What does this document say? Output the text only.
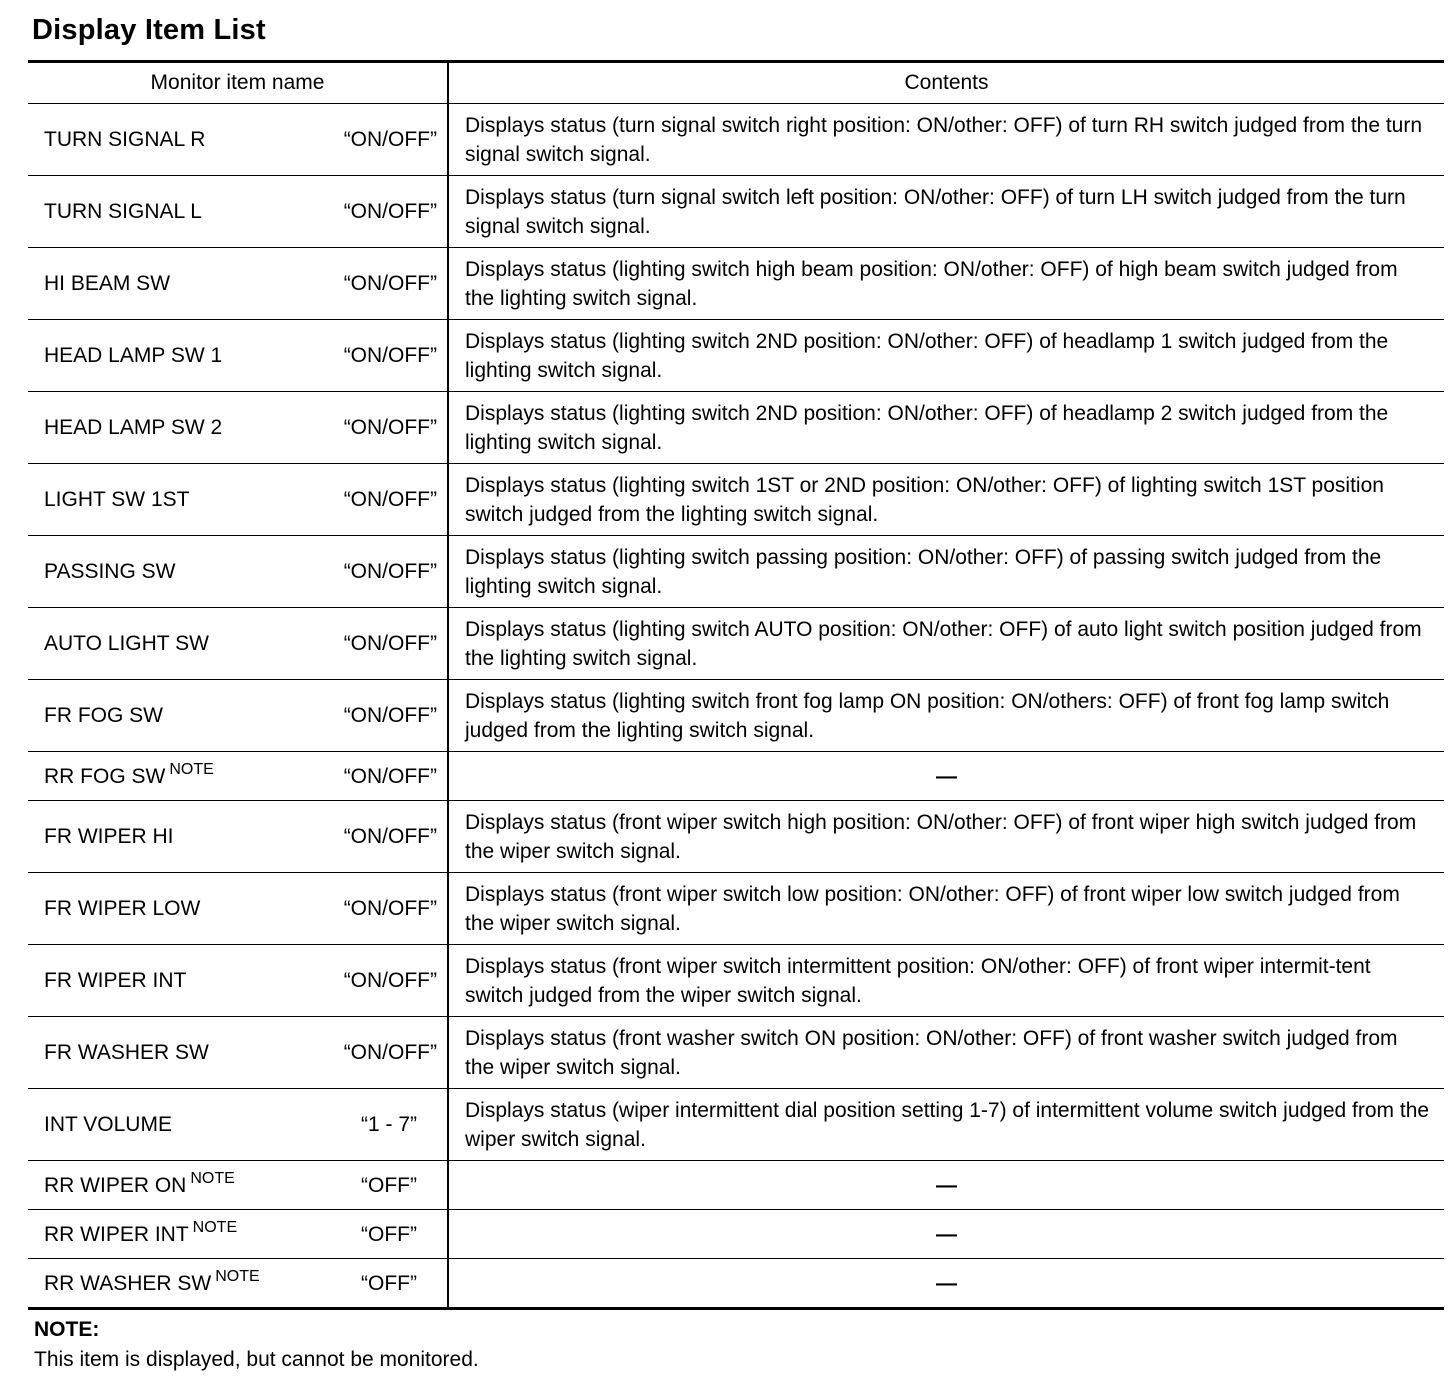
Display Item List
Monitor item name	Contents

TURN SIGNAL R “ON/OFF”	Displays status (turn signal switch right position: ON/other: OFF) of turn RH switch judged from the turn signal switch signal.

TURN SIGNAL L “ON/OFF”	Displays status (turn signal switch left position: ON/other: OFF) of turn LH switch judged from the turn signal switch signal.

HI BEAM SW “ON/OFF”	Displays status (lighting switch high beam position: ON/other: OFF) of high beam switch judged from the lighting switch signal.

HEAD LAMP SW 1 “ON/OFF”	Displays status (lighting switch 2ND position: ON/other: OFF) of headlamp 1 switch judged from the lighting switch signal.

HEAD LAMP SW 2 “ON/OFF”	Displays status (lighting switch 2ND position: ON/other: OFF) of headlamp 2 switch judged from the lighting switch signal.

LIGHT SW 1ST “ON/OFF”	Displays status (lighting switch 1ST or 2ND position: ON/other: OFF) of lighting switch 1ST position switch judged from the lighting switch signal.

PASSING SW “ON/OFF”	Displays status (lighting switch passing position: ON/other: OFF) of passing switch judged from the lighting switch signal.

AUTO LIGHT SW “ON/OFF”	Displays status (lighting switch AUTO position: ON/other: OFF) of auto light switch position judged from the lighting switch signal.

FR FOG SW “ON/OFF”	Displays status (lighting switch front fog lamp ON position: ON/others: OFF) of front fog lamp switch judged from the lighting switch signal.

RR FOG SW $^{NOTE}$ “ON/OFF”	—

FR WIPER HI “ON/OFF”	Displays status (front wiper switch high position: ON/other: OFF) of front wiper high switch judged from the wiper switch signal.

FR WIPER LOW “ON/OFF”	Displays status (front wiper switch low position: ON/other: OFF) of front wiper low switch judged from the wiper switch signal.

FR WIPER INT “ON/OFF”	Displays status (front wiper switch intermittent position: ON/other: OFF) of front wiper intermit-tent switch judged from the wiper switch signal.

FR WASHER SW “ON/OFF”	Displays status (front washer switch ON position: ON/other: OFF) of front washer switch judged from the wiper switch signal.

INT VOLUME “1 - 7”	Displays status (wiper intermittent dial position setting 1-7) of intermittent volume switch judged from the wiper switch signal.

RR WIPER ON $^{NOTE}$ “OFF”	—

RR WIPER INT $^{NOTE}$ “OFF”	—

RR WASHER SW $^{NOTE}$ “OFF”	—
NOTE:
This item is displayed, but cannot be monitored.
